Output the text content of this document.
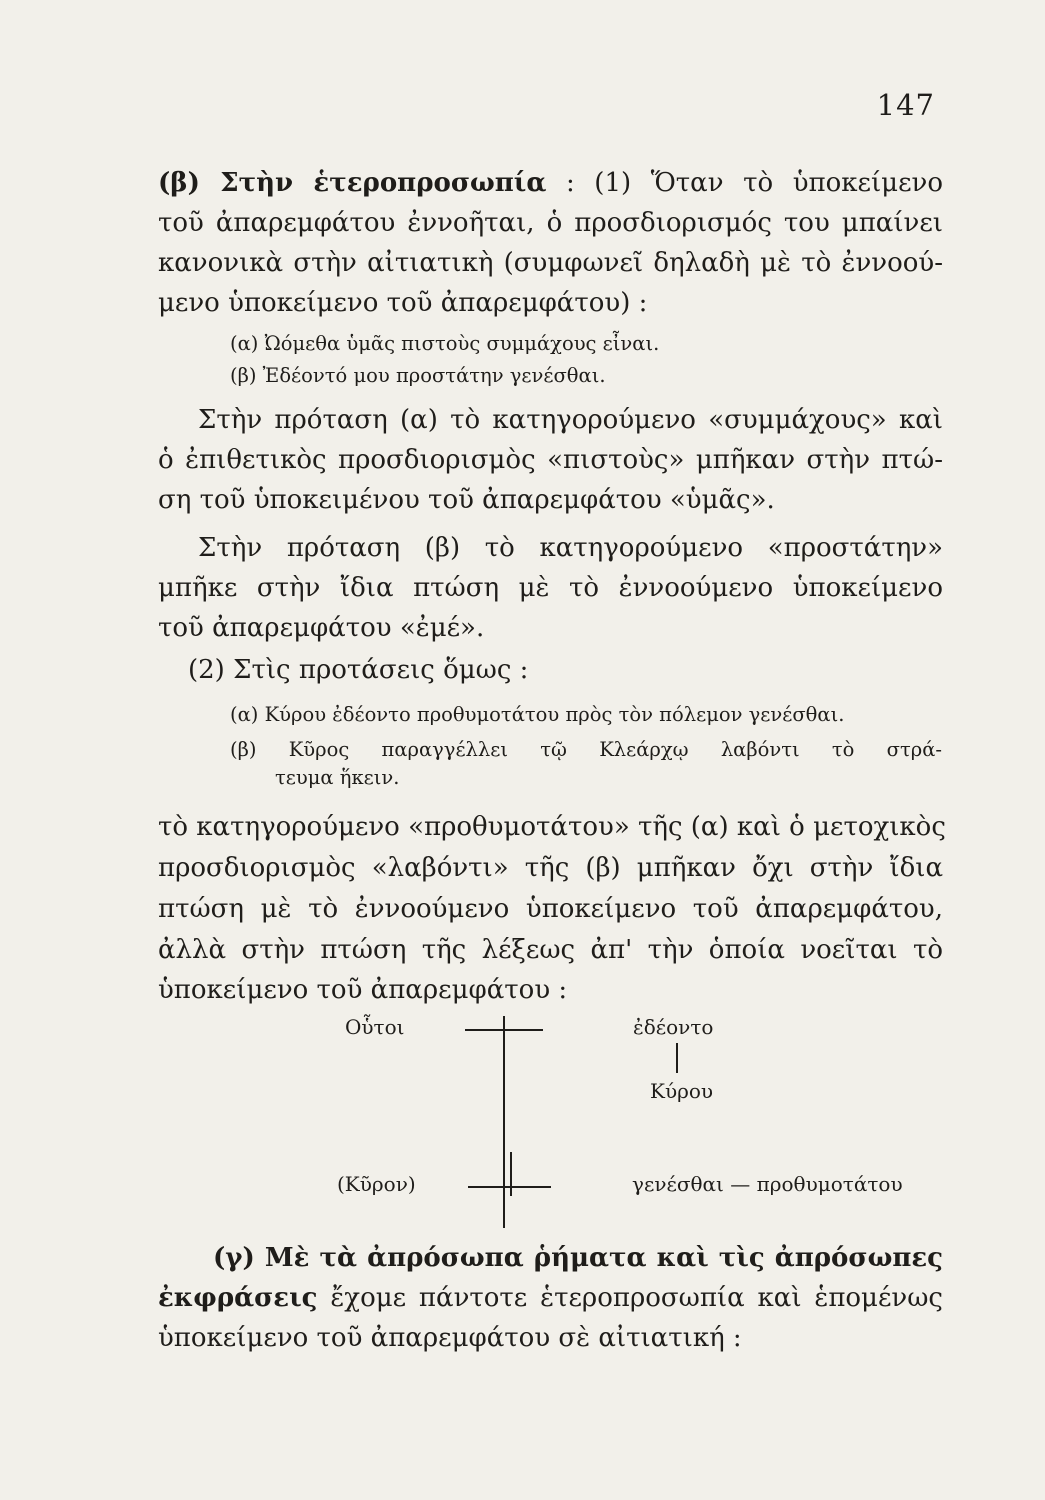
147
(β) Στὴν ἑτεροπροσωπία : (1) Ὅταν τὸ ὑποκείμενο
τοῦ ἀπαρεμφάτου ἐννοῆται, ὁ προσδιορισμός του μπαίνει
κανονικὰ στὴν αἰτιατικὴ (συμφωνεῖ δηλαδὴ μὲ τὸ ἐννοού-
μενο ὑποκείμενο τοῦ ἀπαρεμφάτου) :
(α) Ὠόμεθα ὑμᾶς πιστοὺς συμμάχους εἶναι.
(β) Ἐδέοντό μου προστάτην γενέσθαι.
Στὴν πρόταση (α) τὸ κατηγορούμενο «συμμάχους» καὶ
ὁ ἐπιθετικὸς προσδιορισμὸς «πιστοὺς» μπῆκαν στὴν πτώ-
ση τοῦ ὑποκειμένου τοῦ ἀπαρεμφάτου «ὑμᾶς».
Στὴν πρόταση (β) τὸ κατηγορούμενο «προστάτην»
μπῆκε στὴν ἴδια πτώση μὲ τὸ ἐννοούμενο ὑποκείμενο
τοῦ ἀπαρεμφάτου «ἐμέ».
(2) Στὶς προτάσεις ὅμως :
(α) Κύρου ἐδέοντο προθυμοτάτου πρὸς τὸν πόλεμον γενέσθαι.
(β) Κῦρος παραγγέλλει τῷ Κλεάρχῳ λαβόντι τὸ στρά-
τευμα ἥκειν.
τὸ κατηγορούμενο «προθυμοτάτου» τῆς (α) καὶ ὁ μετοχικὸς
προσδιορισμὸς «λαβόντι» τῆς (β) μπῆκαν ὄχι στὴν ἴδια
πτώση μὲ τὸ ἐννοούμενο ὑποκείμενο τοῦ ἀπαρεμφάτου,
ἀλλὰ στὴν πτώση τῆς λέξεως ἀπ' τὴν ὁποία νοεῖται τὸ
ὑποκείμενο τοῦ ἀπαρεμφάτου :
Οὗτοι	ἐδέοντο
Κύρου
(Κῦρον)	γενέσθαι — προθυμοτάτου
(γ) Μὲ τὰ ἀπρόσωπα ῥήματα καὶ τὶς ἀπρόσωπες
ἐκφράσεις ἔχομε πάντοτε ἑτεροπροσωπία καὶ ἑπομένως
ὑποκείμενο τοῦ ἀπαρεμφάτου σὲ αἰτιατική :
